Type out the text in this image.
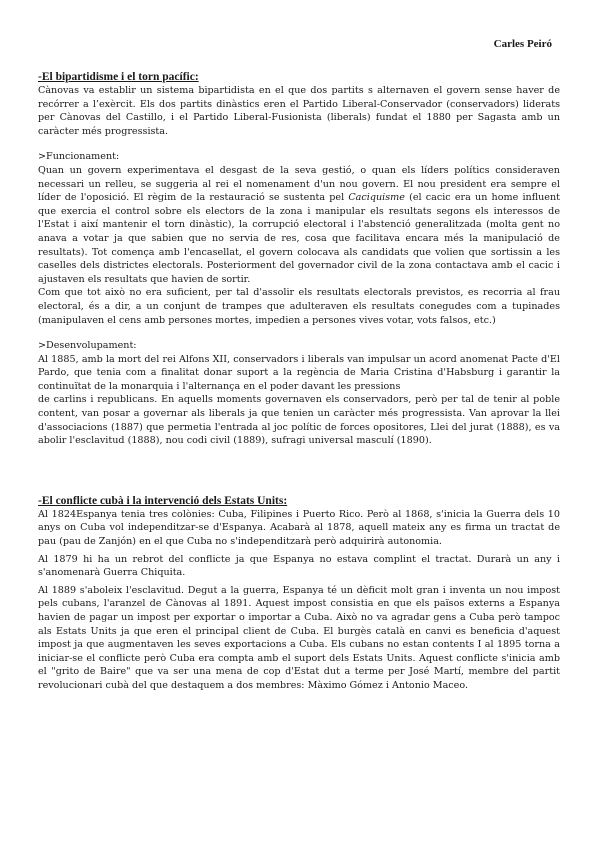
Carles Peiró
-El bipartidisme i el torn pacífic:

Cànovas va establir un sistema bipartidista en el que dos partits s alternaven el govern sense haver de recórrer a l’exèrcit. Els dos partits dinàstics eren el Partido Liberal-Conservador (conservadors) liderats per Cànovas del Castillo, i el Partido Liberal-Fusionista (liberals) fundat el 1880 per Sagasta amb un caràcter més progressista.

>Funcionament:

Quan un govern experimentava el desgast de la seva gestió, o quan els líders polítics consideraven necessari un relleu, se suggeria al rei el nomenament d'un nou govern. El nou president era sempre el líder de l'oposició. El règim de la restauració se sustenta pel Caciquisme (el cacic era un home influent que exercia el control sobre els electors de la zona i manipular els resultats segons els interessos de l'Estat i així mantenir el torn dinàstic), la corrupció electoral i l'abstenció generalitzada (molta gent no anava a votar ja que sabien que no servia de res, cosa que facilitava encara més la manipulació de resultats). Tot comença amb l'encasellat, el govern colocava als candidats que volien que sortissin a les caselles dels districtes electorals. Posteriorment del governador civil de la zona contactava amb el cacic i ajustaven els resultats que havien de sortir.

Com que tot això no era suficient, per tal d'assolir els resultats electorals previstos, es recorria al frau electoral, és a dir, a un conjunt de trampes que adulteraven els resultats conegudes com a tupinades (manipulaven el cens amb persones mortes, impedien a persones vives votar, vots falsos, etc.)

>Desenvolupament:

Al 1885, amb la mort del rei Alfons XII, conservadors i liberals van impulsar un acord anomenat Pacte d'El Pardo, que tenia com a finalitat donar suport a la regència de Maria Cristina d'Habsburg i garantir la continuïtat de la monarquia i l'alternança en el poder davant les pressions

de carlins i republicans. En aquells moments governaven els conservadors, però per tal de tenir al poble content, van posar a governar als liberals ja que tenien un caràcter més progressista. Van aprovar la llei d'associacions (1887) que permetia l'entrada al joc polític de forces opositores, Llei del jurat (1888), es va abolir l'esclavitud (1888), nou codi civil (1889), sufragi universal masculí (1890).

-El conflicte cubà i la intervenció dels Estats Units:

Al 1824Espanya tenia tres colònies: Cuba, Filipines i Puerto Rico. Però al 1868, s'inicia la Guerra dels 10 anys on Cuba vol independitzar-se d'Espanya. Acabarà al 1878, aquell mateix any es firma un tractat de pau (pau de Zanjón) en el que Cuba no s'independitzarà però adquirirà autonomia.

Al 1879 hi ha un rebrot del conflicte ja que Espanya no estava complint el tractat. Durarà un any i s'anomenarà Guerra Chiquita.

Al 1889 s'aboleix l'esclavitud. Degut a la guerra, Espanya té un dèficit molt gran i inventa un nou impost pels cubans, l'aranzel de Cànovas al 1891. Aquest impost consistia en que els països externs a Espanya havien de pagar un impost per exportar o importar a Cuba. Això no va agradar gens a Cuba però tampoc als Estats Units ja que eren el principal client de Cuba. El burgès català en canvi es beneficia d'aquest impost ja que augmentaven les seves exportacions a Cuba. Els cubans no estan contents I al 1895 torna a iniciar-se el conflicte però Cuba era compta amb el suport dels Estats Units. Aquest conflicte s'inicia amb el "grito de Baire" que va ser una mena de cop d'Estat dut a terme per José Martí, membre del partit revolucionari cubà del que destaquem a dos membres: Màximo Gómez i Antonio Maceo.
